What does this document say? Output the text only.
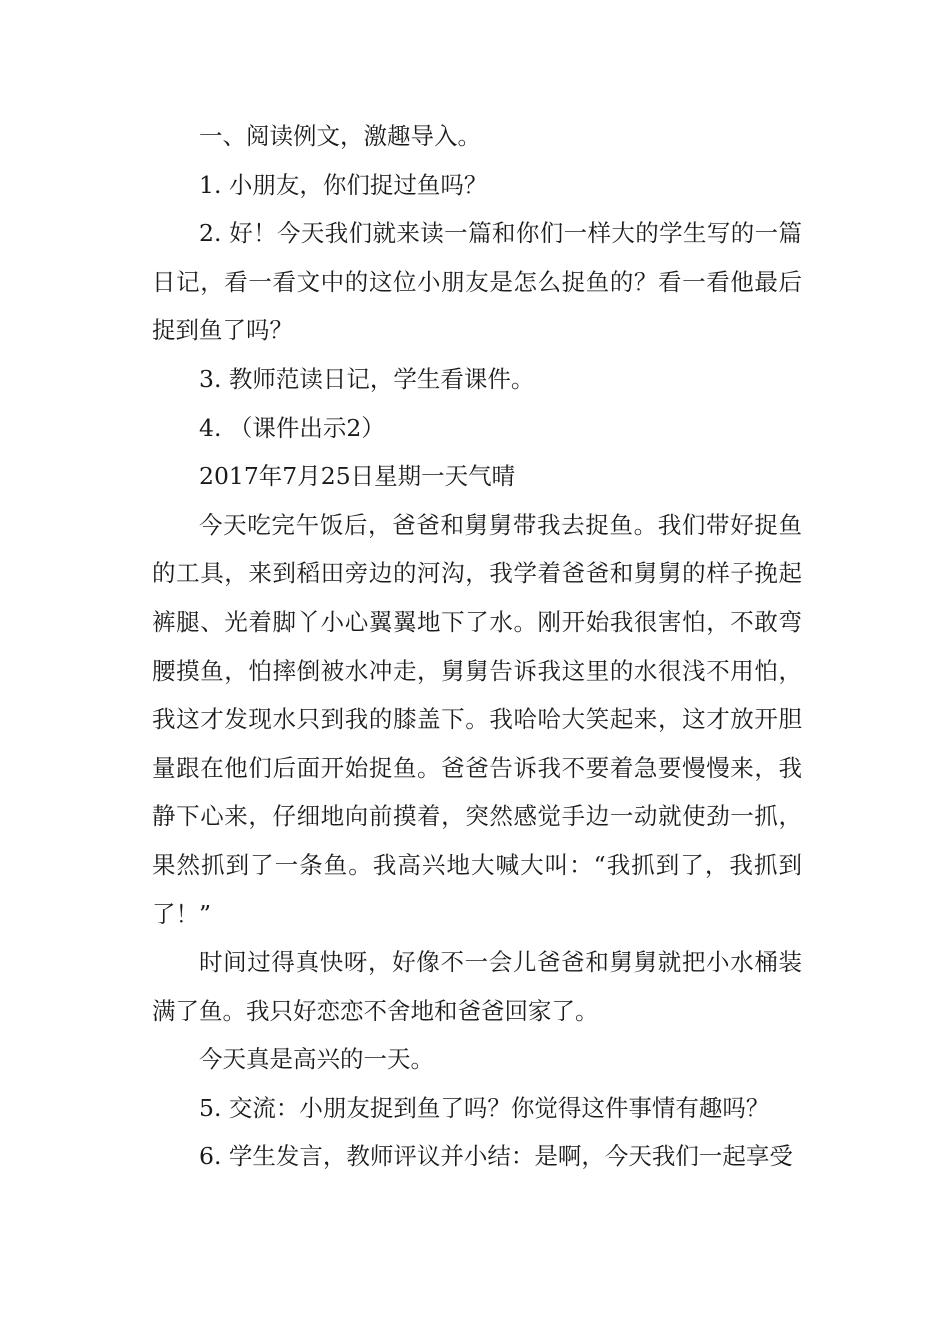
一、阅读例文，激趣导入。

1. 小朋友，你们捉过鱼吗？

2. 好！今天我们就来读一篇和你们一样大的学生写的一篇日记，看一看文中的这位小朋友是怎么捉鱼的？看一看他最后捉到鱼了吗？

3. 教师范读日记，学生看课件。

4. （课件出示2）

2017年7月25日星期一天气晴

今天吃完午饭后，爸爸和舅舅带我去捉鱼。我们带好捉鱼的工具，来到稻田旁边的河沟，我学着爸爸和舅舅的样子挽起裤腿、光着脚丫小心翼翼地下了水。刚开始我很害怕，不敢弯腰摸鱼，怕摔倒被水冲走，舅舅告诉我这里的水很浅不用怕，我这才发现水只到我的膝盖下。我哈哈大笑起来，这才放开胆量跟在他们后面开始捉鱼。爸爸告诉我不要着急要慢慢来，我静下心来，仔细地向前摸着，突然感觉手边一动就使劲一抓，果然抓到了一条鱼。我高兴地大喊大叫：“我抓到了，我抓到了！”

时间过得真快呀，好像不一会儿爸爸和舅舅就把小水桶装满了鱼。我只好恋恋不舍地和爸爸回家了。

今天真是高兴的一天。

5. 交流：小朋友捉到鱼了吗？你觉得这件事情有趣吗？

6. 学生发言，教师评议并小结：是啊，今天我们一起享受
